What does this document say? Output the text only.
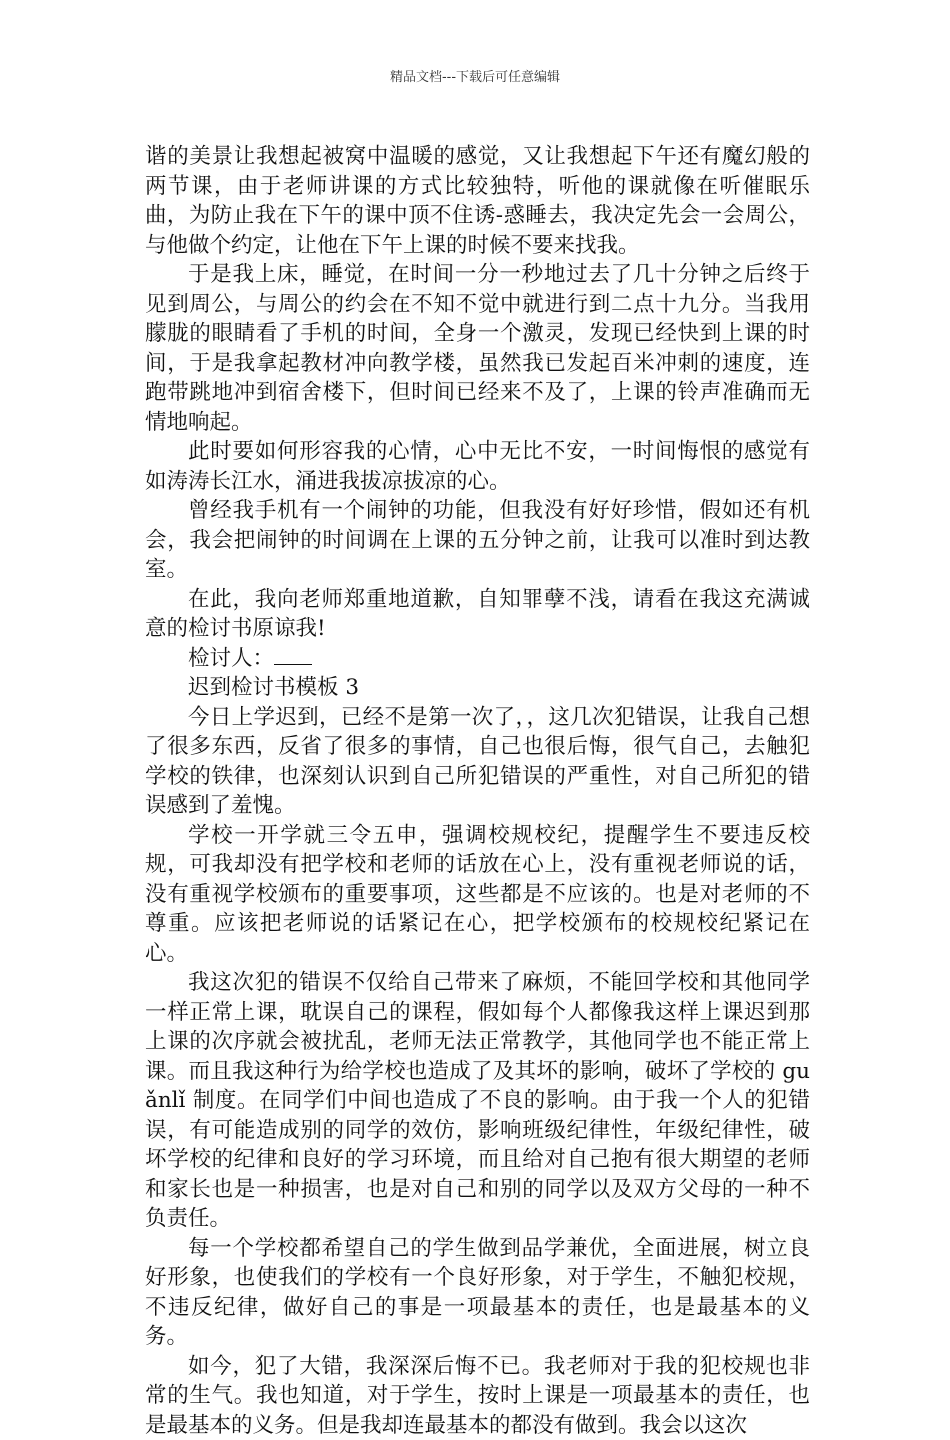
精品文档---下载后可任意编辑

谐的美景让我想起被窝中温暖的感觉，又让我想起下午还有魔幻般的两节课，由于老师讲课的方式比较独特，听他的课就像在听催眠乐曲，为防止我在下午的课中顶不住诱-惑睡去，我决定先会一会周公，与他做个约定，让他在下午上课的时候不要来找我。

于是我上床，睡觉，在时间一分一秒地过去了几十分钟之后终于见到周公，与周公的约会在不知不觉中就进行到二点十九分。当我用朦胧的眼睛看了手机的时间，全身一个激灵，发现已经快到上课的时间，于是我拿起教材冲向教学楼，虽然我已发起百米冲刺的速度，连跑带跳地冲到宿舍楼下，但时间已经来不及了，上课的铃声准确而无情地响起。

此时要如何形容我的心情，心中无比不安，一时间悔恨的感觉有如涛涛长江水，涌进我拔凉拔凉的心。

曾经我手机有一个闹钟的功能，但我没有好好珍惜，假如还有机会，我会把闹钟的时间调在上课的五分钟之前，让我可以准时到达教室。

在此，我向老师郑重地道歉，自知罪孽不浅，请看在我这充满诚意的检讨书原谅我!

检讨人：

迟到检讨书模板 3

今日上学迟到，已经不是第一次了，，这几次犯错误，让我自己想了很多东西，反省了很多的事情，自己也很后悔，很气自己，去触犯学校的铁律，也深刻认识到自己所犯错误的严重性，对自己所犯的错误感到了羞愧。

学校一开学就三令五申，强调校规校纪，提醒学生不要违反校规，可我却没有把学校和老师的话放在心上，没有重视老师说的话，没有重视学校颁布的重要事项，这些都是不应该的。也是对老师的不尊重。应该把老师说的话紧记在心，把学校颁布的校规校纪紧记在心。

我这次犯的错误不仅给自己带来了麻烦，不能回学校和其他同学一样正常上课，耽误自己的课程，假如每个人都像我这样上课迟到那上课的次序就会被扰乱，老师无法正常教学，其他同学也不能正常上课。而且我这种行为给学校也造成了及其坏的影响，破坏了学校的 guǎnlǐ 制度。在同学们中间也造成了不良的影响。由于我一个人的犯错误，有可能造成别的同学的效仿，影响班级纪律性，年级纪律性，破坏学校的纪律和良好的学习环境，而且给对自己抱有很大期望的老师和家长也是一种损害，也是对自己和别的同学以及双方父母的一种不负责任。

每一个学校都希望自己的学生做到品学兼优，全面进展，树立良好形象，也使我们的学校有一个良好形象，对于学生，不触犯校规，不违反纪律，做好自己的事是一项最基本的责任，也是最基本的义务。

如今，犯了大错，我深深后悔不已。我老师对于我的犯校规也非常的生气。我也知道，对于学生，按时上课是一项最基本的责任，也是最基本的义务。但是我却连最基本的都没有做到。我会以这次
